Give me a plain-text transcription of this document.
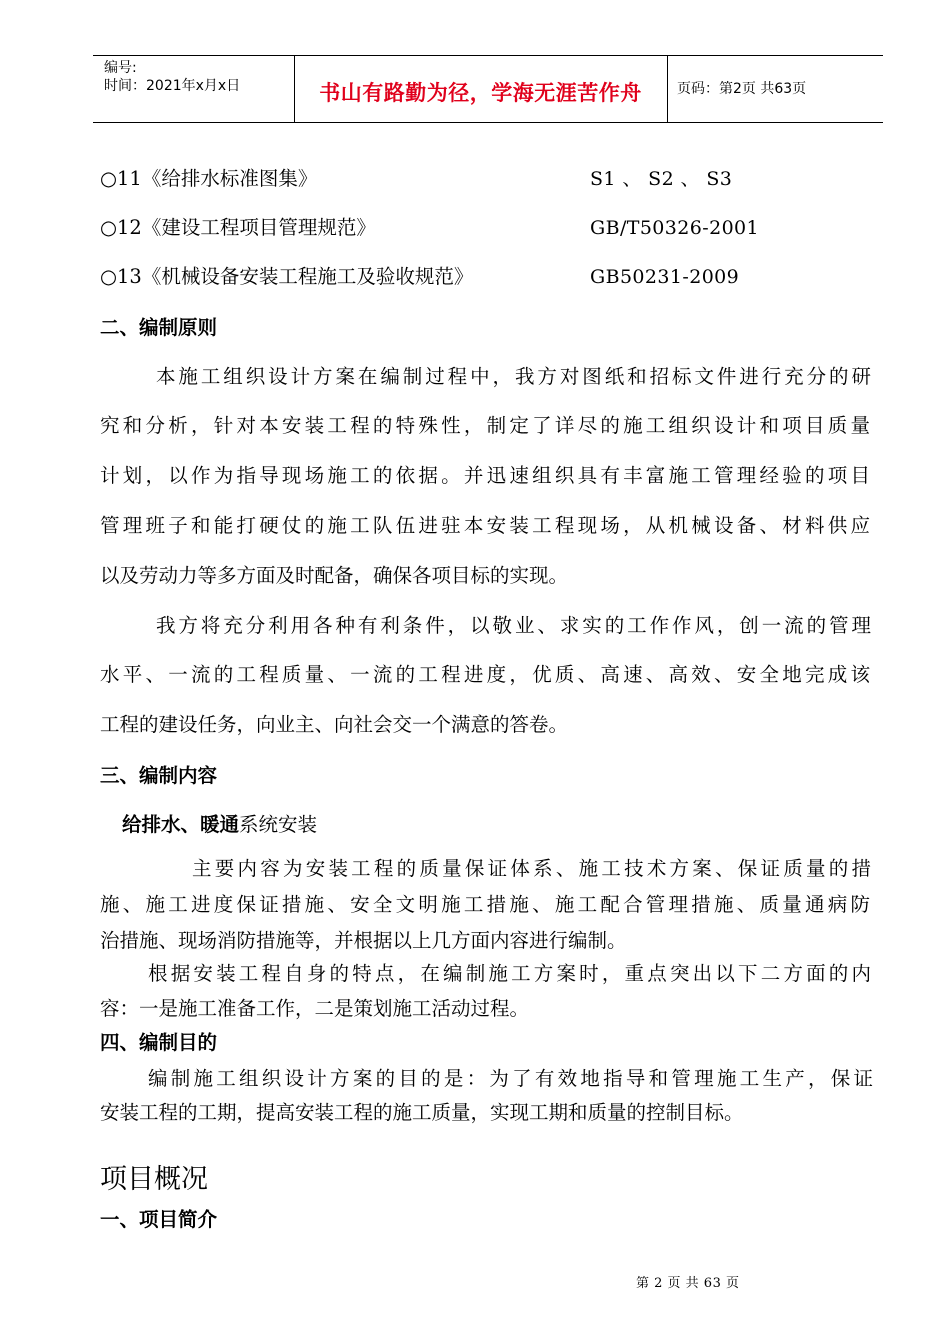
编号:
时间：2021年x月x日	书山有路勤为径，学海无涯苦作舟	页码：第2页 共63页
○11《给排水标准图集》	S1 、 S2 、 S3
○12《建设工程项目管理规范》	GB/T50326-2001
○13《机械设备安装工程施工及验收规范》	GB50231-2009
二、编制原则
本施工组织设计方案在编制过程中，我方对图纸和招标文件进行充分的研
究和分析，针对本安装工程的特殊性，制定了详尽的施工组织设计和项目质量
计划，以作为指导现场施工的依据。并迅速组织具有丰富施工管理经验的项目
管理班子和能打硬仗的施工队伍进驻本安装工程现场，从机械设备、材料供应
以及劳动力等多方面及时配备，确保各项目标的实现。
我方将充分利用各种有利条件，以敬业、求实的工作作风，创一流的管理
水平、一流的工程质量、一流的工程进度，优质、高速、高效、安全地完成该
工程的建设任务，向业主、向社会交一个满意的答卷。
三、编制内容
给排水、暖通系统安装
主要内容为安装工程的质量保证体系、施工技术方案、保证质量的措
施、施工进度保证措施、安全文明施工措施、施工配合管理措施、质量通病防
治措施、现场消防措施等，并根据以上几方面内容进行编制。
根据安装工程自身的特点，在编制施工方案时，重点突出以下二方面的内
容：一是施工准备工作，二是策划施工活动过程。
四、编制目的
编制施工组织设计方案的目的是：为了有效地指导和管理施工生产，保证
安装工程的工期，提高安装工程的施工质量，实现工期和质量的控制目标。
项目概况
一、项目简介
第 2 页 共 63 页
